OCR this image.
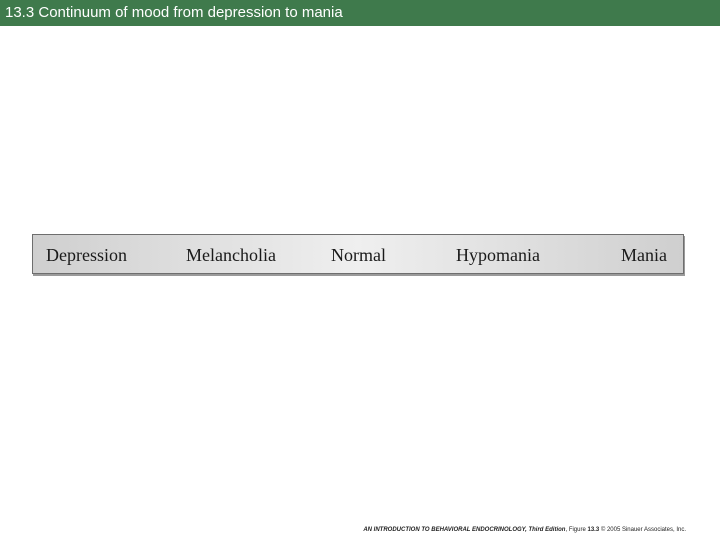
13.3 Continuum of mood from depression to mania
Depression	Melancholia	Normal	Hypomania	Mania
AN INTRODUCTION TO BEHAVIORAL ENDOCRINOLOGY, Third Edition, Figure 13.3 © 2005 Sinauer Associates, Inc.
